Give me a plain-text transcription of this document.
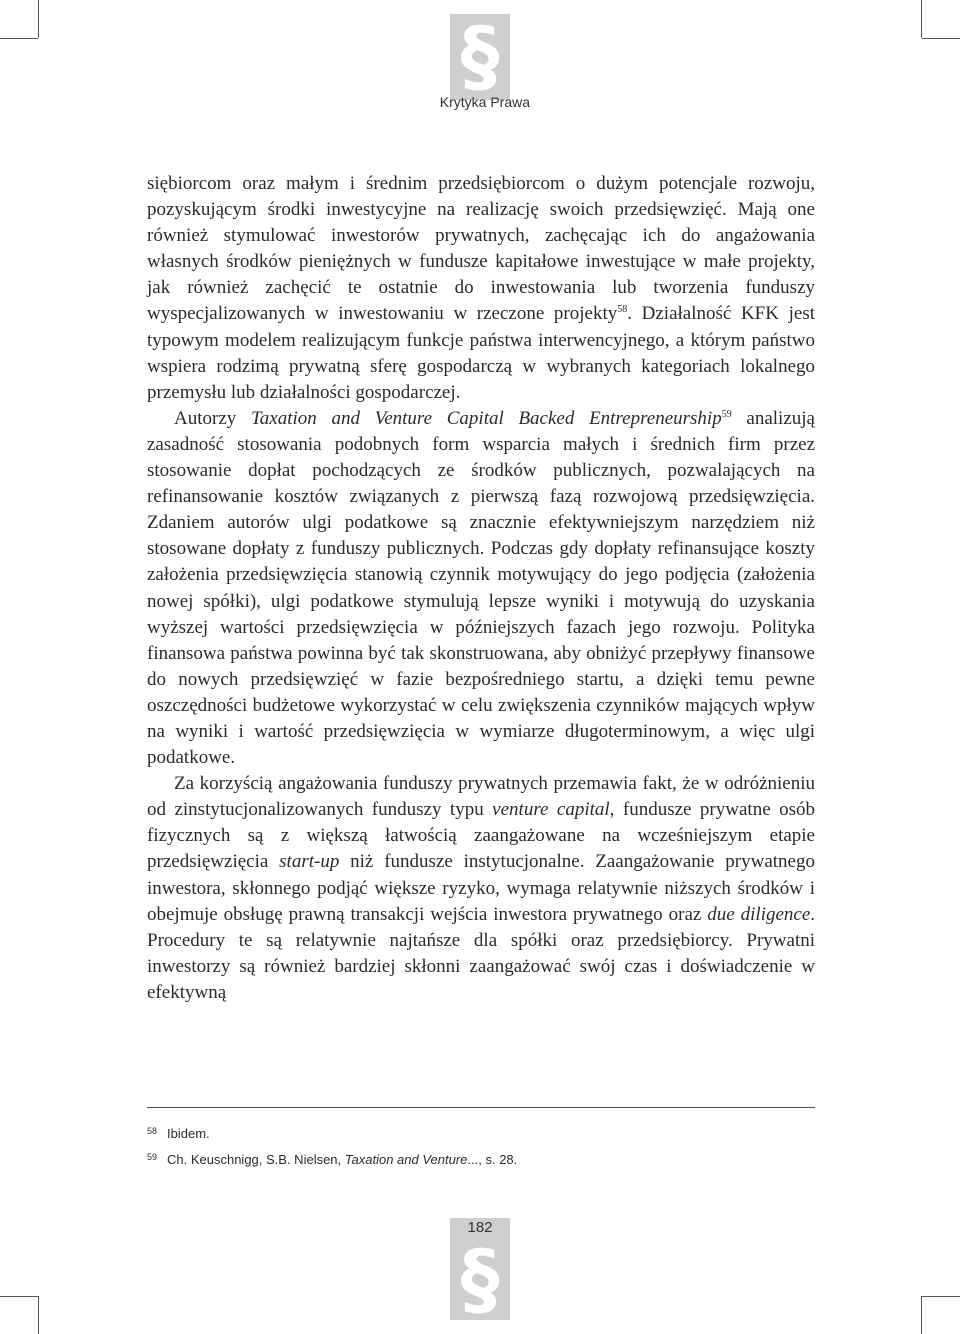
§
Krytyka Prawa

siębiorcom oraz małym i średnim przedsiębiorcom o dużym potencjale rozwoju, pozyskującym środki inwestycyjne na realizację swoich przedsięwzięć. Mają one również stymulować inwestorów prywatnych, zachęcając ich do angażowania własnych środków pieniężnych w fundusze kapitałowe inwestujące w małe projekty, jak również zachęcić te ostatnie do inwestowania lub tworzenia funduszy wyspecjalizowanych w inwestowaniu w rzeczone projekty$^{58}$. Działalność KFK jest typowym modelem realizującym funkcje państwa interwencyjnego, a którym państwo wspiera rodzimą prywatną sferę gospodarczą w wybranych kategoriach lokalnego przemysłu lub działalności gospodarczej.

Autorzy Taxation and Venture Capital Backed Entrepreneurship$^{59}$ analizują zasadność stosowania podobnych form wsparcia małych i średnich firm przez stosowanie dopłat pochodzących ze środków publicznych, pozwalających na refinansowanie kosztów związanych z pierwszą fazą rozwojową przedsięwzięcia. Zdaniem autorów ulgi podatkowe są znacznie efektywniejszym narzędziem niż stosowane dopłaty z funduszy publicznych. Podczas gdy dopłaty refinansujące koszty założenia przedsięwzięcia stanowią czynnik motywujący do jego podjęcia (założenia nowej spółki), ulgi podatkowe stymulują lepsze wyniki i motywują do uzyskania wyższej wartości przedsięwzięcia w późniejszych fazach jego rozwoju. Polityka finansowa państwa powinna być tak skonstruowana, aby obniżyć przepływy finansowe do nowych przedsięwzięć w fazie bezpośredniego startu, a dzięki temu pewne oszczędności budżetowe wykorzystać w celu zwiększenia czynników mających wpływ na wyniki i wartość przedsięwzięcia w wymiarze długoterminowym, a więc ulgi podatkowe.

Za korzyścią angażowania funduszy prywatnych przemawia fakt, że w odróżnieniu od zinstytucjonalizowanych funduszy typu venture capital, fundusze prywatne osób fizycznych są z większą łatwością zaangażowane na wcześniejszym etapie przedsięwzięcia start-up niż fundusze instytucjonalne. Zaangażowanie prywatnego inwestora, skłonnego podjąć większe ryzyko, wymaga relatywnie niższych środków i obejmuje obsługę prawną transakcji wejścia inwestora prywatnego oraz due diligence. Procedury te są relatywnie najtańsze dla spółki oraz przedsiębiorcy. Prywatni inwestorzy są również bardziej skłonni zaangażować swój czas i doświadczenie w efektywną

58 Ibidem.
59 Ch. Keuschnigg, S.B. Nielsen, Taxation and Venture..., s. 28.
§
182
